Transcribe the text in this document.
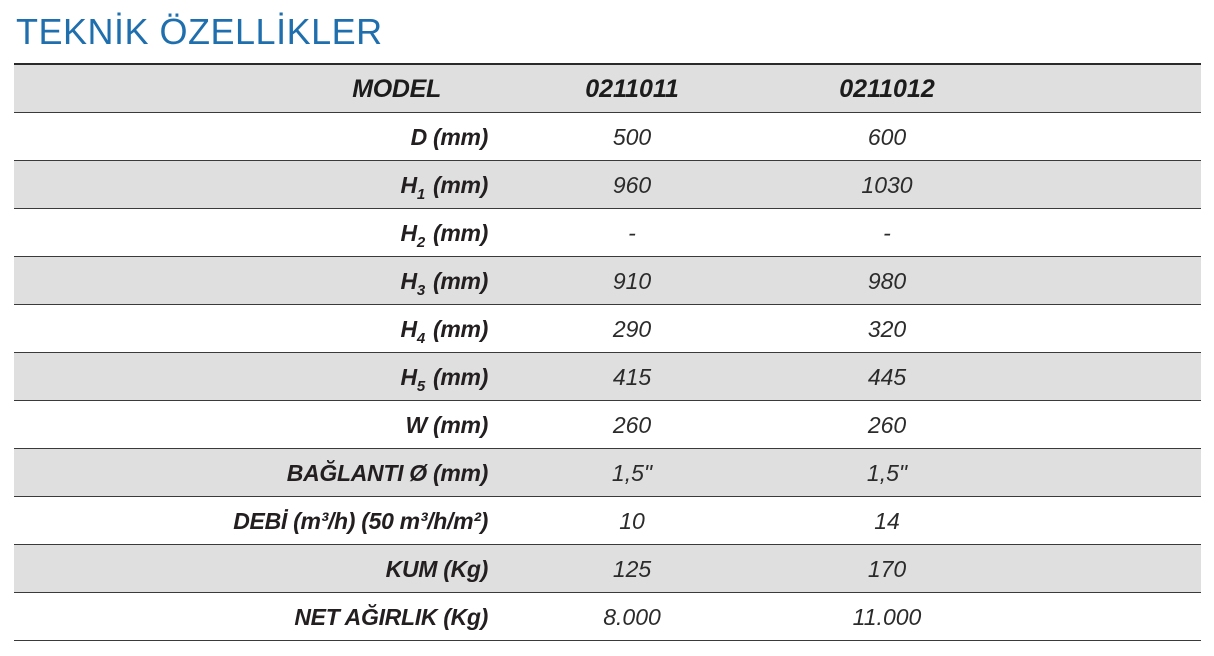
TEKNİK ÖZELLİKLER
MODEL	0211011	0211012
D (mm)	500	600
$H_1$ (mm)	960	1030
$H_2$ (mm)	-	-
$H_3$ (mm)	910	980
$H_4$ (mm)	290	320
$H_5$ (mm)	415	445
W (mm)	260	260
BAĞLANTI Ø (mm)	1,5"	1,5"
DEBİ (m³/h) (50 m³/h/m²)	10	14
KUM (Kg)	125	170
NET AĞIRLIK (Kg)	8.000	11.000
